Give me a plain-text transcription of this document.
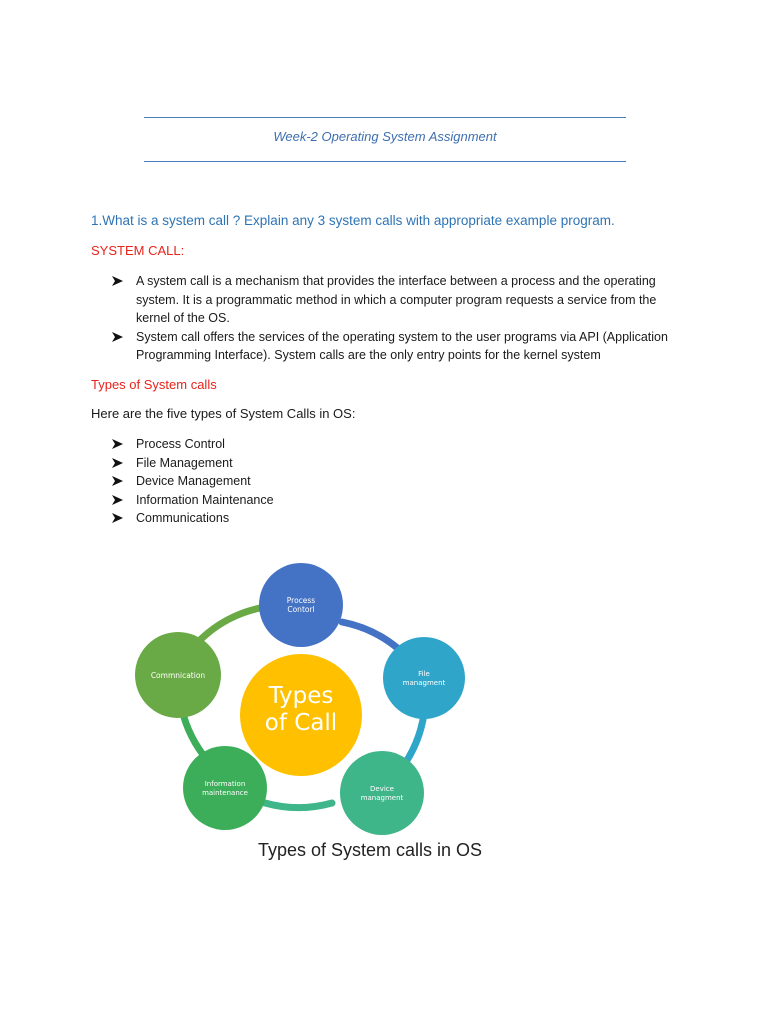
Week-2 Operating System Assignment
1.What is a system call ? Explain any 3 system calls with appropriate example program.
SYSTEM CALL:
A system call is a mechanism that provides the interface between a process and the operating
system. It is a programmatic method in which a computer program requests a service from the
kernel of the OS.
System call offers the services of the operating system to the user programs via API (Application
Programming Interface). System calls are the only entry points for the kernel system
Types of System calls
Here are the five types of System Calls in OS:
Process Control
File Management
Device Management
Information Maintenance
Communications
Types
of Call
Process
Contorl
File
managment
Device
managment
Information
maintenance
Commnication
Types of System calls in OS
